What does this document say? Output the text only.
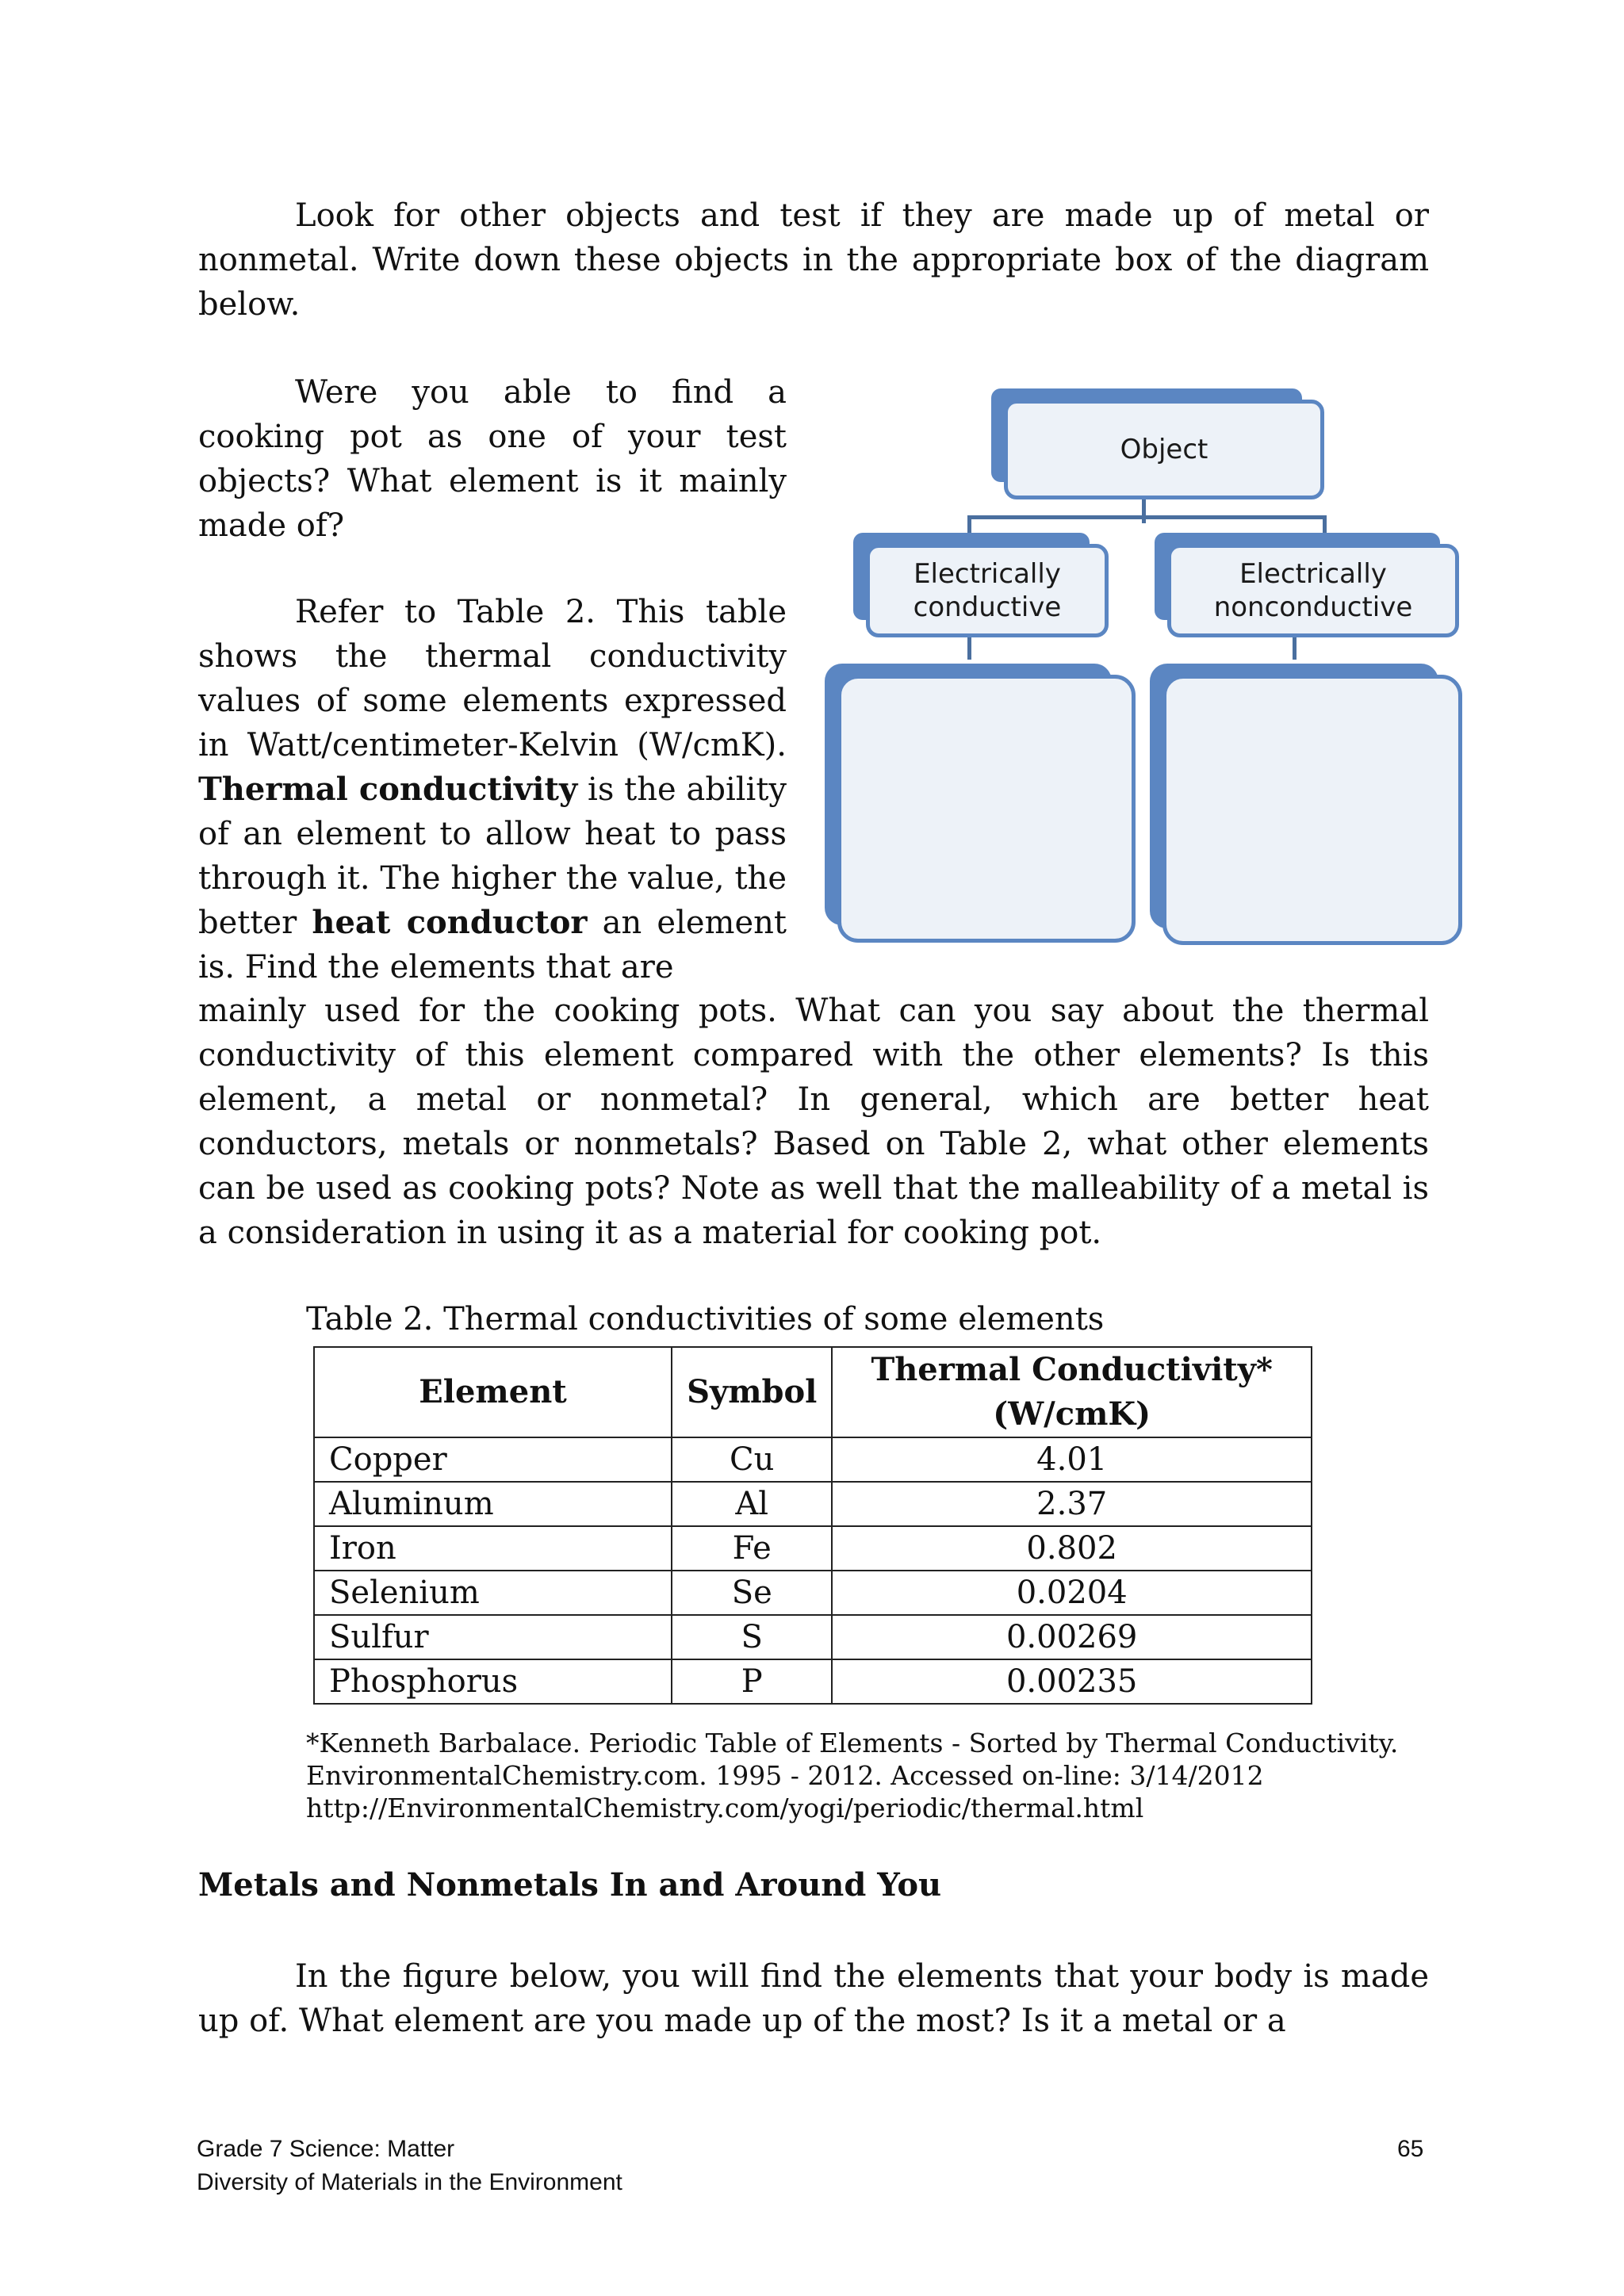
Look for other objects and test if they are made up of metal or nonmetal. Write down these objects in the appropriate box of the diagram below.

Were you able to find a cooking pot as one of your test objects? What element is it mainly made of?

Refer to Table 2. This table shows the thermal conductivity values of some elements expressed in Watt/centimeter-Kelvin (W/cmK). Thermal conductivity is the ability of an element to allow heat to pass through it. The higher the value, the better heat conductor an element is. Find the elements that are

mainly used for the cooking pots. What can you say about the thermal conductivity of this element compared with the other elements? Is this element, a metal or nonmetal? In general, which are better heat conductors, metals or nonmetals? Based on Table 2, what other elements can be used as cooking pots? Note as well that the malleability of a metal is a consideration in using it as a material for cooking pot.

Object
Electrically conductive
Electrically nonconductive

Table 2. Thermal conductivities of some elements

Element	Symbol	Thermal Conductivity* (W/cmK)
Copper	Cu	4.01
Aluminum	Al	2.37
Iron	Fe	0.802
Selenium	Se	0.0204
Sulfur	S	0.00269
Phosphorus	P	0.00235

*Kenneth Barbalace. Periodic Table of Elements - Sorted by Thermal Conductivity.
EnvironmentalChemistry.com. 1995 - 2012. Accessed on-line: 3/14/2012
http://EnvironmentalChemistry.com/yogi/periodic/thermal.html

Metals and Nonmetals In and Around You

In the figure below, you will find the elements that your body is made up of. What element are you made up of the most? Is it a metal or a

Grade 7 Science: Matter
Diversity of Materials in the Environment

65
